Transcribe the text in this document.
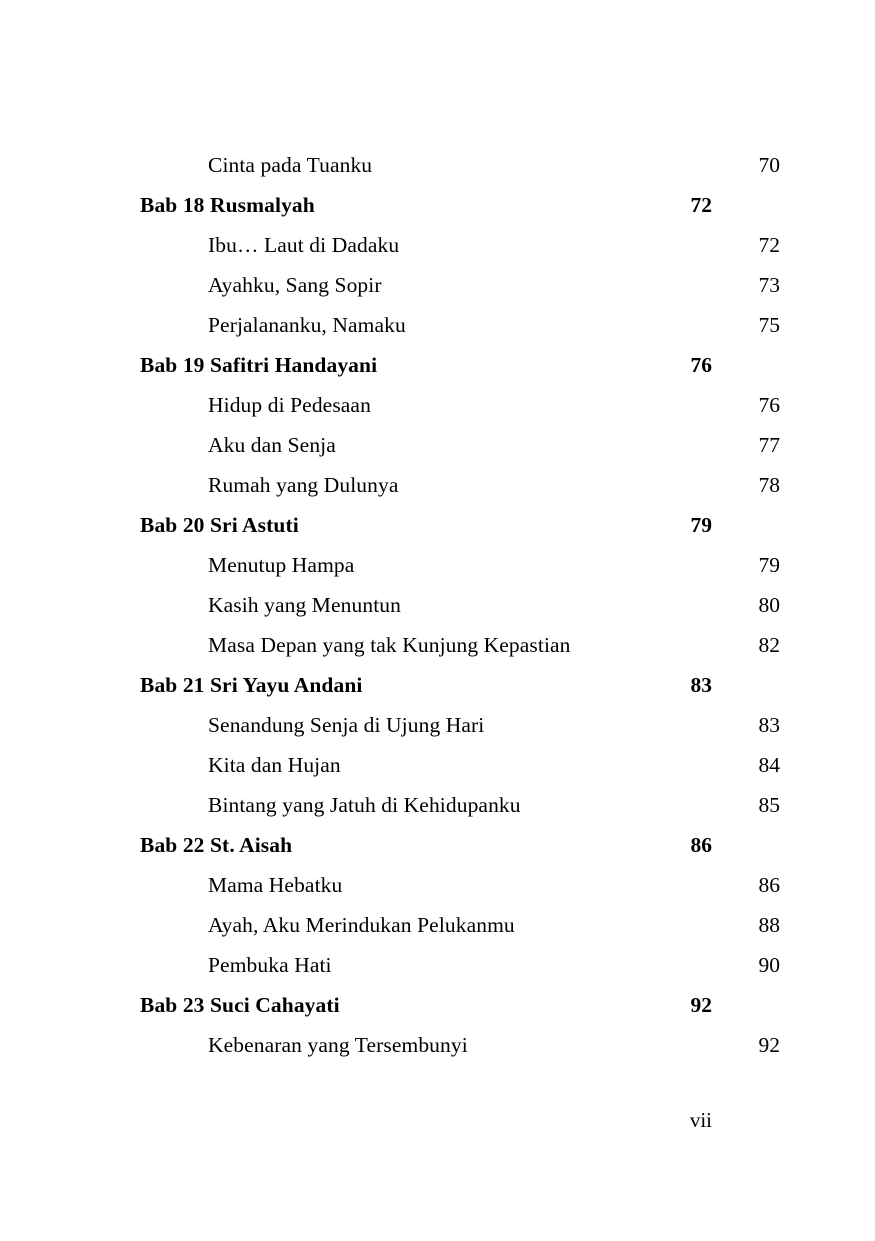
Cinta pada Tuanku .....	70
Bab 18 Rusmalyah .....	72
Ibu… Laut di Dadaku .....	72
Ayahku, Sang Sopir .....	73
Perjalananku, Namaku .....	75
Bab 19 Safitri Handayani .....	76
Hidup di Pedesaan .....	76
Aku dan Senja .....	77
Rumah yang Dulunya .....	78
Bab 20 Sri Astuti .....	79
Menutup Hampa .....	79
Kasih yang Menuntun .....	80
Masa Depan yang tak Kunjung Kepastian .....	82
Bab 21 Sri Yayu Andani .....	83
Senandung Senja di Ujung Hari .....	83
Kita dan Hujan .....	84
Bintang yang Jatuh di Kehidupanku .....	85
Bab 22 St. Aisah .....	86
Mama Hebatku .....	86
Ayah, Aku Merindukan Pelukanmu .....	88
Pembuka Hati .....	90
Bab 23 Suci Cahayati .....	92
Kebenaran yang Tersembunyi .....	92
vii
